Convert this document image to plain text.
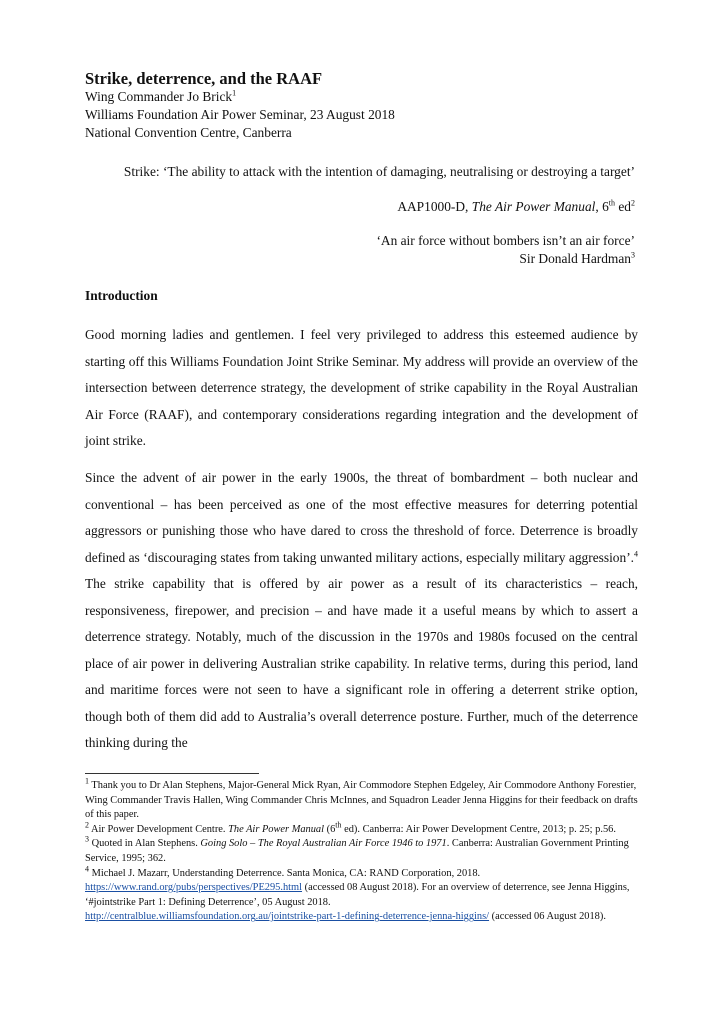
Strike, deterrence, and the RAAF
Wing Commander Jo Brick$^1$
Williams Foundation Air Power Seminar, 23 August 2018
National Convention Centre, Canberra
Strike: ‘The ability to attack with the intention of damaging, neutralising or destroying a target’
AAP1000-D, The Air Power Manual, 6th $ed^2$
‘An air force without bombers isn’t an air force’
Sir Donald Hardman$^3$
Introduction
Good morning ladies and gentlemen. I feel very privileged to address this esteemed audience by starting off this Williams Foundation Joint Strike Seminar. My address will provide an overview of the intersection between deterrence strategy, the development of strike capability in the Royal Australian Air Force (RAAF), and contemporary considerations regarding integration and the development of joint strike.
Since the advent of air power in the early 1900s, the threat of bombardment – both nuclear and conventional – has been perceived as one of the most effective measures for deterring potential aggressors or punishing those who have dared to cross the threshold of force. Deterrence is broadly defined as ‘discouraging states from taking unwanted military actions, especially military aggression’.$^4$ The strike capability that is offered by air power as a result of its characteristics – reach, responsiveness, firepower, and precision – and have made it a useful means by which to assert a deterrence strategy. Notably, much of the discussion in the 1970s and 1980s focused on the central place of air power in delivering Australian strike capability. In relative terms, during this period, land and maritime forces were not seen to have a significant role in offering a deterrent strike option, though both of them did add to Australia’s overall deterrence posture. Further, much of the deterrence thinking during the

$^1$ Thank you to Dr Alan Stephens, Major-General Mick Ryan, Air Commodore Stephen Edgeley, Air Commodore Anthony Forestier, Wing Commander Travis Hallen, Wing Commander Chris McInnes, and Squadron Leader Jenna Higgins for their feedback on drafts of this paper.

$^2$ Air Power Development Centre. The Air Power Manual (6th ed). Canberra: Air Power Development Centre, 2013; p. 25; p.56.

$^3$ Quoted in Alan Stephens. Going Solo – The Royal Australian Air Force 1946 to 1971. Canberra: Australian Government Printing Service, 1995; 362.

$^4$ Michael J. Mazarr, Understanding Deterrence. Santa Monica, CA: RAND Corporation, 2018.
https://www.rand.org/pubs/perspectives/PE295.html (accessed 08 August 2018). For an overview of deterrence, see Jenna Higgins, ‘#jointstrike Part 1: Defining Deterrence’, 05 August 2018.
http://centralblue.williamsfoundation.org.au/jointstrike-part-1-defining-deterrence-jenna-higgins/ (accessed 06 August 2018).
